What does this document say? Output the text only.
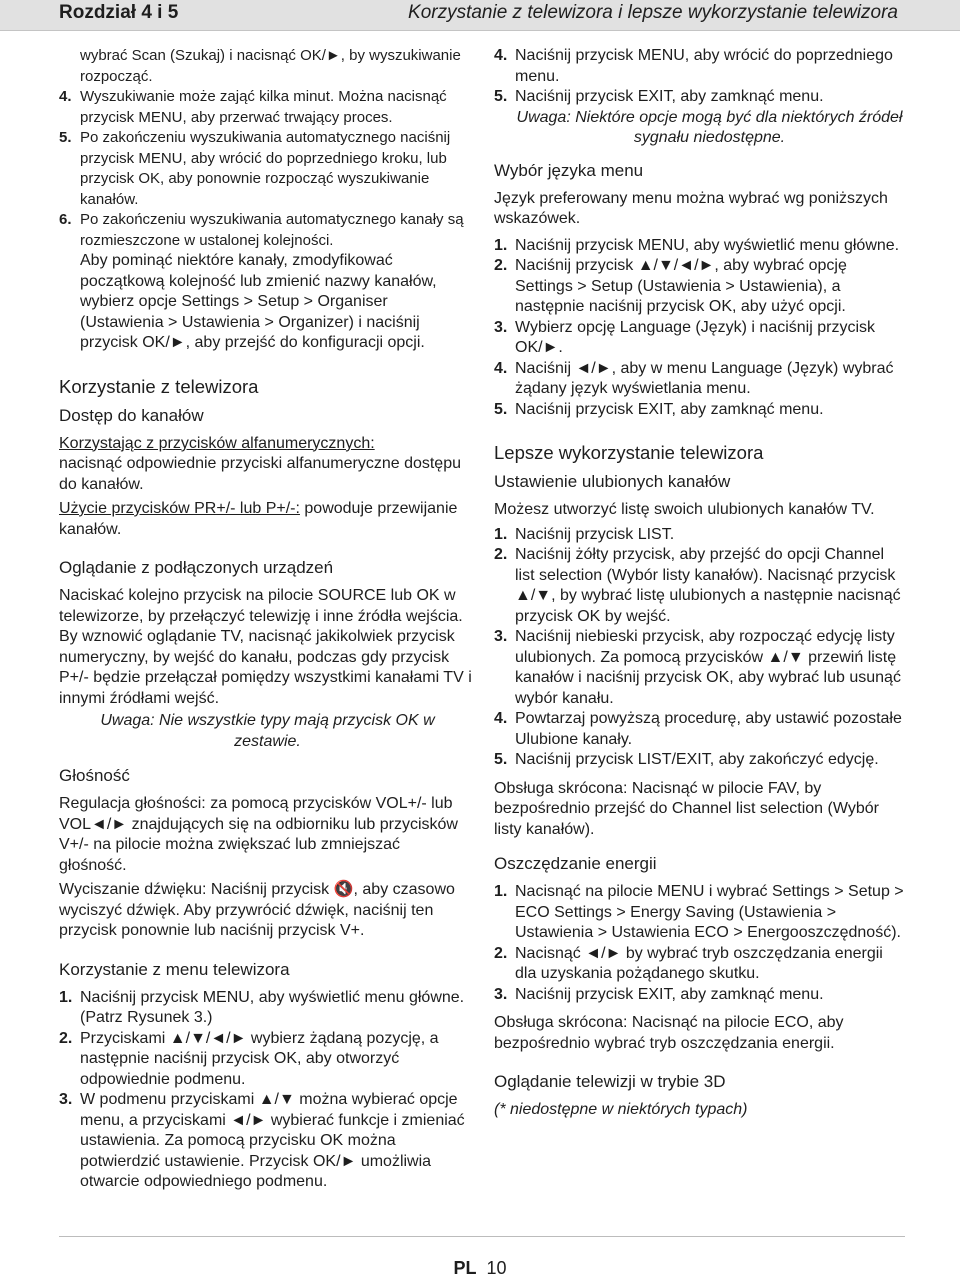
Rozdział 4 i 5	Korzystanie z telewizora i lepsze wykorzystanie telewizora

wybrać Scan (Szukaj) i nacisnąć OK/►, by wyszukiwanie rozpocząć.

4. Wyszukiwanie może zająć kilka minut. Można nacisnąć przycisk MENU, aby przerwać trwający proces.

5. Po zakończeniu wyszukiwania automatycznego naciśnij przycisk MENU, aby wrócić do poprzedniego kroku, lub przycisk OK, aby ponownie rozpocząć wyszukiwanie kanałów.

6. Po zakończeniu wyszukiwania automatycznego kanały są rozmieszczone w ustalonej kolejności.

Aby pominąć niektóre kanały, zmodyfikować początkową kolejność lub zmienić nazwy kanałów, wybierz opcje Settings > Setup > Organiser (Ustawienia > Ustawienia > Organizer) i naciśnij przycisk OK/►, aby przejść do konfiguracji opcji.

Korzystanie z telewizora
Dostęp do kanałów

Korzystając z przycisków alfanumerycznych:
nacisnąć odpowiednie przyciski alfanumeryczne dostępu do kanałów.

Użycie przycisków PR+/- lub P+/-: powoduje przewijanie kanałów.

Oglądanie z podłączonych urządzeń

Naciskać kolejno przycisk na pilocie SOURCE lub OK w telewizorze, by przełączyć telewizję i inne źródła wejścia. By wznowić oglądanie TV, nacisnąć jakikolwiek przycisk numeryczny, by wejść do kanału, podczas gdy przycisk P+/- będzie przełączał pomiędzy wszystkimi kanałami TV i innymi źródłami wejść.

Uwaga: Nie wszystkie typy mają przycisk OK w zestawie.

Głośność

Regulacja głośności: za pomocą przycisków VOL+/- lub VOL◄/► znajdujących się na odbiorniku lub przycisków V+/- na pilocie można zwiększać lub zmniejszać głośność.

Wyciszanie dźwięku: Naciśnij przycisk 🔇, aby czasowo wyciszyć dźwięk. Aby przywrócić dźwięk, naciśnij ten przycisk ponownie lub naciśnij przycisk V+.

Korzystanie z menu telewizora

1. Naciśnij przycisk MENU, aby wyświetlić menu główne. (Patrz Rysunek 3.)

2. Przyciskami ▲/▼/◄/► wybierz żądaną pozycję, a następnie naciśnij przycisk OK, aby otworzyć odpowiednie podmenu.

3. W podmenu przyciskami ▲/▼ można wybierać opcje menu, a przyciskami ◄/► wybierać funkcje i zmieniać ustawienia. Za pomocą przycisku OK można potwierdzić ustawienie. Przycisk OK/► umożliwia otwarcie odpowiedniego podmenu.

4. Naciśnij przycisk MENU, aby wrócić do poprzedniego menu.

5. Naciśnij przycisk EXIT, aby zamknąć menu.

Uwaga: Niektóre opcje mogą być dla niektórych źródeł sygnału niedostępne.

Wybór języka menu

Język preferowany menu można wybrać wg poniższych wskazówek.

1. Naciśnij przycisk MENU, aby wyświetlić menu główne.

2. Naciśnij przycisk ▲/▼/◄/►, aby wybrać opcję Settings > Setup (Ustawienia > Ustawienia), a następnie naciśnij przycisk OK, aby użyć opcji.

3. Wybierz opcję Language (Język) i naciśnij przycisk OK/►.

4. Naciśnij ◄/►, aby w menu Language (Język) wybrać żądany język wyświetlania menu.

5. Naciśnij przycisk EXIT, aby zamknąć menu.

Lepsze wykorzystanie telewizora
Ustawienie ulubionych kanałów

Możesz utworzyć listę swoich ulubionych kanałów TV.

1. Naciśnij przycisk LIST.

2. Naciśnij żółty przycisk, aby przejść do opcji Channel list selection (Wybór listy kanałów). Nacisnąć przycisk ▲/▼, by wybrać listę ulubionych a następnie nacisnąć przycisk OK by wejść.

3. Naciśnij niebieski przycisk, aby rozpocząć edycję listy ulubionych. Za pomocą przycisków ▲/▼ przewiń listę kanałów i naciśnij przycisk OK, aby wybrać lub usunąć wybór kanału.

4. Powtarzaj powyższą procedurę, aby ustawić pozostałe Ulubione kanały.

5. Naciśnij przycisk LIST/EXIT, aby zakończyć edycję.

Obsługa skrócona: Nacisnąć w pilocie FAV, by bezpośrednio przejść do Channel list selection (Wybór listy kanałów).

Oszczędzanie energii

1. Nacisnąć na pilocie MENU i wybrać Settings > Setup > ECO Settings > Energy Saving (Ustawienia > Ustawienia > Ustawienia ECO > Energooszczędność).

2. Nacisnąć ◄/► by wybrać tryb oszczędzania energii dla uzyskania pożądanego skutku.

3. Naciśnij przycisk EXIT, aby zamknąć menu.

Obsługa skrócona: Nacisnąć na pilocie ECO, aby bezpośrednio wybrać tryb oszczędzania energii.

Oglądanie telewizji w trybie 3D

(* niedostępne w niektórych typach)

PL 10
